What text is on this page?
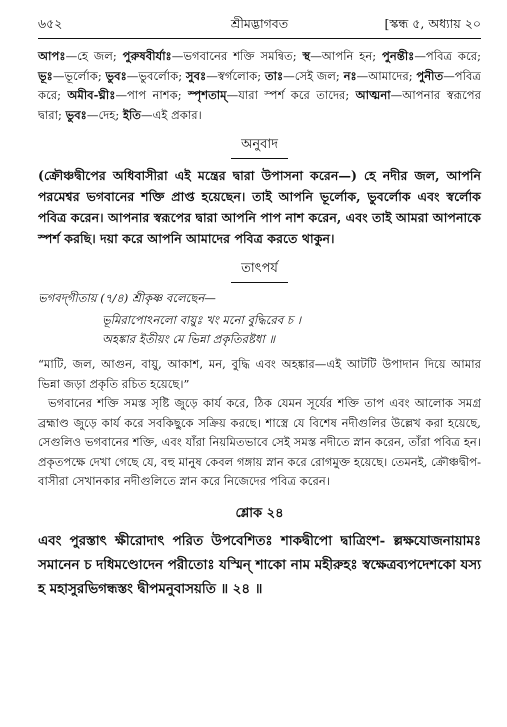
৬৫২	শ্রীমদ্ভাগবত	[স্কন্ধ ৫, অধ্যায় ২০

আপঃ—হে জল; পুরুষবীর্যাঃ—ভগবানের শক্তি সমন্বিত; স্থ—আপনি হন; পুনন্তীঃ—পবিত্র করে; ভূঃ—ভূর্লোক; ভুবঃ—ভুবর্লোক; সুবঃ—স্বর্গলোক; তাঃ—সেই জল; নঃ—আমাদের; পুনীত—পবিত্র করে; অমীব-ঘ্নীঃ—পাপ নাশক; স্পৃশতাম্—যারা স্পর্শ করে তাদের; আত্মনা—আপনার স্বরূপের দ্বারা; ভুবঃ—দেহ; ইতি—এই প্রকার।

অনুবাদ

(ক্রৌঞ্চদ্বীপের অধিবাসীরা এই মন্ত্রের দ্বারা উপাসনা করেন—) হে নদীর জল, আপনি পরমেশ্বর ভগবানের শক্তি প্রাপ্ত হয়েছেন। তাই আপনি ভূর্লোক, ভুবর্লোক এবং স্বর্লোক পবিত্র করেন। আপনার স্বরূপের দ্বারা আপনি পাপ নাশ করেন, এবং তাই আমরা আপনাকে স্পর্শ করছি। দয়া করে আপনি আমাদের পবিত্র করতে থাকুন।

তাৎপর্য

ভগবদ্‌গীতায় (৭/৪) শ্রীকৃষ্ণ বলেছেন—

ভূমিরাপোঽনলো বায়ুঃ খং মনো বুদ্ধিরেব চ ।
অহঙ্কার ইতীয়ং মে ভিন্না প্রকৃতিরষ্টধা ॥

“মাটি, জল, আগুন, বায়ু, আকাশ, মন, বুদ্ধি এবং অহঙ্কার—এই আটটি উপাদান দিয়ে আমার ভিন্না জড়া প্রকৃতি রচিত হয়েছে।”

ভগবানের শক্তি সমস্ত সৃষ্টি জুড়ে কার্য করে, ঠিক যেমন সূর্যের শক্তি তাপ এবং আলোক সমগ্র ব্রহ্মাণ্ড জুড়ে কার্য করে সবকিছুকে সক্রিয় করছে। শাস্ত্রে যে বিশেষ নদীগুলির উল্লেখ করা হয়েছে, সেগুলিও ভগবানের শক্তি, এবং যাঁরা নিয়মিতভাবে সেই সমস্ত নদীতে স্নান করেন, তাঁরা পবিত্র হন। প্রকৃতপক্ষে দেখা গেছে যে, বহু মানুষ কেবল গঙ্গায় স্নান করে রোগমুক্ত হয়েছে। তেমনই, ক্রৌঞ্চদ্বীপ-বাসীরা সেখানকার নদীগুলিতে স্নান করে নিজেদের পবিত্র করেন।

শ্লোক ২৪

এবং পুরস্তাৎ ক্ষীরোদাৎ পরিত উপবেশিতঃ শাকদ্বীপো দ্বাত্রিংশ- ল্লক্ষযোজনায়ামঃ সমানেন চ দধিমণ্ডোদেন পরীতোঃ যস্মিন্‌ শাকো নাম মহীরুহঃ স্বক্ষেত্রব্যপদেশকো যস্য হ মহাসুরভিগন্ধস্তং দ্বীপমনুবাসয়তি ॥ ২৪ ॥
